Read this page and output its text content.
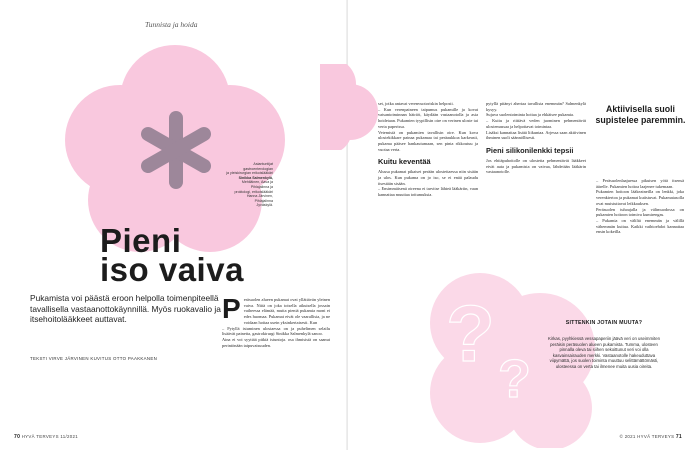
Tunnista ja hoida
Asiantuntijat
gastroenterologian
ja yleiskirurgian erikoislääkäri
Sinikka Salmenkylä,
Mehiläinen, Aava ja
Pihlajalinna ja
proktologi, erikoislääkäri Hanna Järvinen,
Pihlajalinna
Jyväskylä.
Pieni
iso vaiva
Pukamista voi päästä eroon helpolla toimenpiteellä tavallisella vastaanottokäynnillä. Myös ruokavalio ja itsehoitolääkkeet auttavat.
TEKSTI VIRVE JÄRVINEN KUVITUS OTTO PAAKKANEN
P eräsuolen alueen pukamat ovat yllättävän yleinen vaiva. Niitä on joka toisella aikuisella jossain vaiheessa elämää, mutta pieniä pukamia moni ei edes huomaa. Pukamat eivät ole vaarallisia, ja ne voidaan hoitaa usein yksinkertaisesti. Kun

– Pytyllä istuminen ulostaessa on ja puhelimen selailu lisäävät painetta, gastrokirurgi Sinikka Salmenkylä sanoo.

Aina ei voi syyttää pitkiä istuntoja. osa ihmisistä on saanut perintönään taipuvaisuuden.

70 HYVÄ TERVEYS 11/2021

set, jotka antavat verenvuotoriskin helposti.

– Kun verenpaineen taipumus pukamille ja kovat vatsantoiminnan häiriöt, käydään vastaanotolla ja asia hoidetaan. Pukamien tyypillisin oire on verinen uloste tai verta paperissa.

Vetemistä on pukamien tavallisin oire. Kun kova ulostekikkare painaa pukamaa tai peräaukkoa karkeasti, pukama pääsee hankautumaan, sen pinta rikkoutuu ja vuotaa verta.

Kuitu keventää

Alussa pukamat pikaiset perään ulostettaessa niin sisään ja ulos. Kun pukama on jo iso, se ei enää palaudu itsestään sisään.

– Ensimmäisenä oireena ei tarvitse lähteä lääkäriin, vaan kannattaa muuttaa tottumuksia.

pytyllä pitänyt ahertaa tavallista enemmän? Salmenkylä kysyy.

Sujuva suolentoiminta hoitaa ja ehkäisee pukamia.

– Kuitu ja riittävä veden juominen pehmentävät ulostemassaa ja helpottavat toimintaa.

Lisäksi kannattaa lisätä liikuntaa. Arjessa saan aktiivinen ihminen suoli säännöllisesti.

Pieni silikonilenkki tepsii

Jos ehtiäpuhoitolle on ulostetta pehmentävät lääkkeet eivät auta ja pukamista on vaivaa, lähdetään lääkärin vastaanotolle.

Aktiivisella suoli supistelee paremmin.

– Peräsuolenlaajuessa pikuisen yötä itsensä äärelle. Pukamien hoitoa laajenee tukemaan.

Pukamien hoitoon lääkeaineilla on lenkki, joka verenkiertoa ja pukamat kutistuvat. Pukamatasolla ovat muistuttavat leikkauksen.

Peräsuolen tuhoajalla ja välimuodossa on pukamien hoitoon toimiva kumirengas.

– Pukamia on väliltä enemmän ja välillä vähemmän kuitua. Kaikki vaihtoehdot kannattaa ensin kokeilla.

?
?
SITTENKIN JOTAIN MUUTA?
Kirkas, pyyhkiessä vessapaperiin jäävä veri on useimmiten peräisin peräsuolen alueen pukamista. Tumma, ulosteen pinnalla oleva tai siihen sekoittunut veri voi olla kasvainsairauden merkki. Vastaanotolle hakeuduttava viipymättä, jos suolen toiminta muuttuu selittämättömästi, ulosteessa on verta tai ilmenee muita uusia oireita.
© 2021 HYVÄ TERVEYS 71
